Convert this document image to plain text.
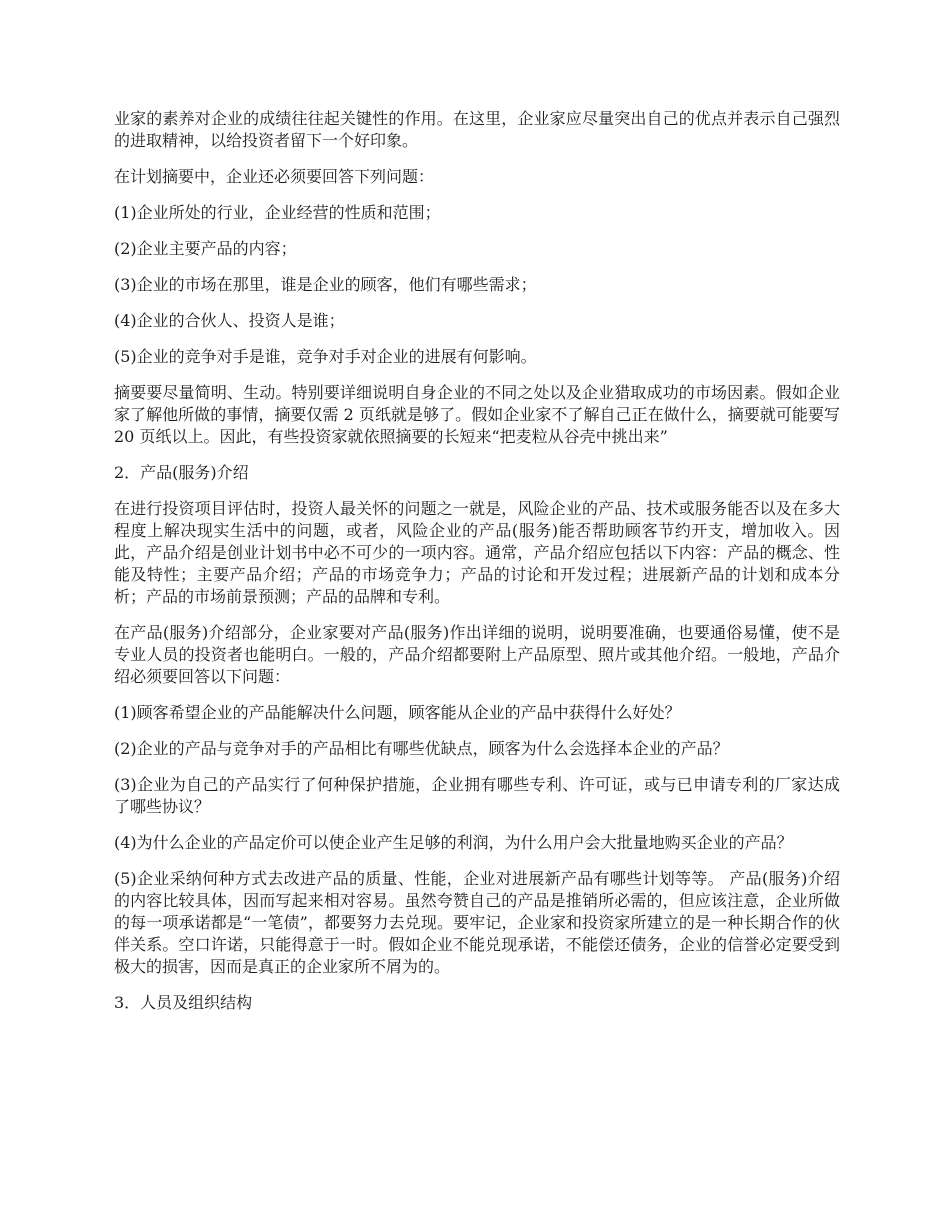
业家的素养对企业的成绩往往起关键性的作用。在这里，企业家应尽量突出自己的优点并表示自己强烈的进取精神，以给投资者留下一个好印象。

在计划摘要中，企业还必须要回答下列问题：

(1)企业所处的行业，企业经营的性质和范围；

(2)企业主要产品的内容；

(3)企业的市场在那里，谁是企业的顾客，他们有哪些需求；

(4)企业的合伙人、投资人是谁；

(5)企业的竞争对手是谁，竞争对手对企业的进展有何影响。

摘要要尽量简明、生动。特别要详细说明自身企业的不同之处以及企业猎取成功的市场因素。假如企业家了解他所做的事情，摘要仅需 2 页纸就是够了。假如企业家不了解自己正在做什么，摘要就可能要写 20 页纸以上。因此，有些投资家就依照摘要的长短来“把麦粒从谷壳中挑出来”

2．产品(服务)介绍

在进行投资项目评估时，投资人最关怀的问题之一就是，风险企业的产品、技术或服务能否以及在多大程度上解决现实生活中的问题，或者，风险企业的产品(服务)能否帮助顾客节约开支，增加收入。因此，产品介绍是创业计划书中必不可少的一项内容。通常，产品介绍应包括以下内容：产品的概念、性能及特性；主要产品介绍；产品的市场竞争力；产品的讨论和开发过程；进展新产品的计划和成本分析；产品的市场前景预测；产品的品牌和专利。

在产品(服务)介绍部分，企业家要对产品(服务)作出详细的说明，说明要准确，也要通俗易懂，使不是专业人员的投资者也能明白。一般的，产品介绍都要附上产品原型、照片或其他介绍。一般地，产品介绍必须要回答以下问题：

(1)顾客希望企业的产品能解决什么问题，顾客能从企业的产品中获得什么好处？

(2)企业的产品与竞争对手的产品相比有哪些优缺点，顾客为什么会选择本企业的产品？

(3)企业为自己的产品实行了何种保护措施，企业拥有哪些专利、许可证，或与已申请专利的厂家达成了哪些协议？

(4)为什么企业的产品定价可以使企业产生足够的利润，为什么用户会大批量地购买企业的产品？

(5)企业采纳何种方式去改进产品的质量、性能，企业对进展新产品有哪些计划等等。 产品(服务)介绍的内容比较具体，因而写起来相对容易。虽然夸赞自己的产品是推销所必需的，但应该注意，企业所做的每一项承诺都是“一笔债”，都要努力去兑现。要牢记，企业家和投资家所建立的是一种长期合作的伙伴关系。空口许诺，只能得意于一时。假如企业不能兑现承诺，不能偿还债务，企业的信誉必定要受到极大的损害，因而是真正的企业家所不屑为的。

3．人员及组织结构
